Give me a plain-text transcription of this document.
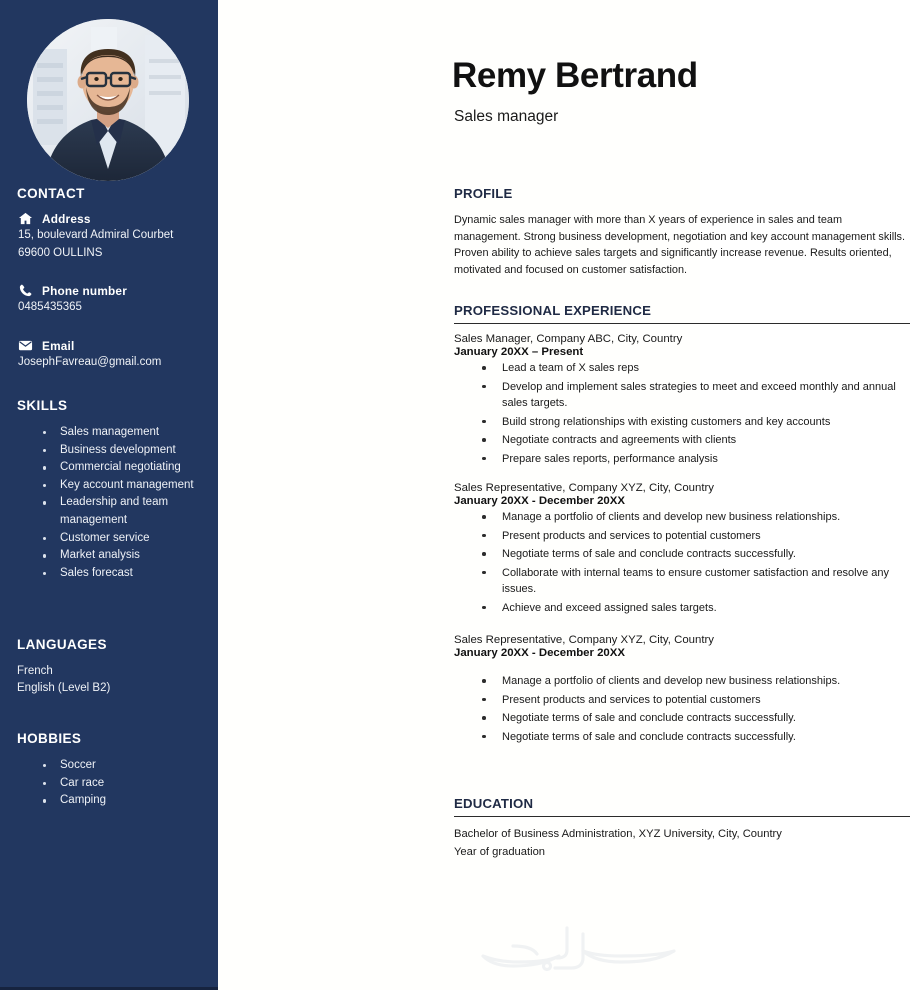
CONTACT
Address
15, boulevard Admiral Courbet
69600 OULLINS
Phone number
0485435365
Email
JosephFavreau@gmail.com
SKILLS
Sales management
Business development
Commercial negotiating
Key account management
Leadership and team management
Customer service
Market analysis
Sales forecast
LANGUAGES
French
English (Level B2)
HOBBIES
Soccer
Car race
Camping
Remy Bertrand
Sales manager
PROFILE
Dynamic sales manager with more than X years of experience in sales and team management. Strong business development, negotiation and key account management skills. Proven ability to achieve sales targets and significantly increase revenue. Results oriented, motivated and focused on customer satisfaction.
PROFESSIONAL EXPERIENCE
Sales Manager, Company ABC, City, Country
January 20XX – Present
Lead a team of X sales reps
Develop and implement sales strategies to meet and exceed monthly and annual sales targets.
Build strong relationships with existing customers and key accounts
Negotiate contracts and agreements with clients
Prepare sales reports, performance analysis
Sales Representative, Company XYZ, City, Country
January 20XX - December 20XX
Manage a portfolio of clients and develop new business relationships.
Present products and services to potential customers
Negotiate terms of sale and conclude contracts successfully.
Collaborate with internal teams to ensure customer satisfaction and resolve any issues.
Achieve and exceed assigned sales targets.
Sales Representative, Company XYZ, City, Country
January 20XX - December 20XX
Manage a portfolio of clients and develop new business relationships.
Present products and services to potential customers
Negotiate terms of sale and conclude contracts successfully.
Negotiate terms of sale and conclude contracts successfully.
EDUCATION
Bachelor of Business Administration, XYZ University, City, Country
Year of graduation
